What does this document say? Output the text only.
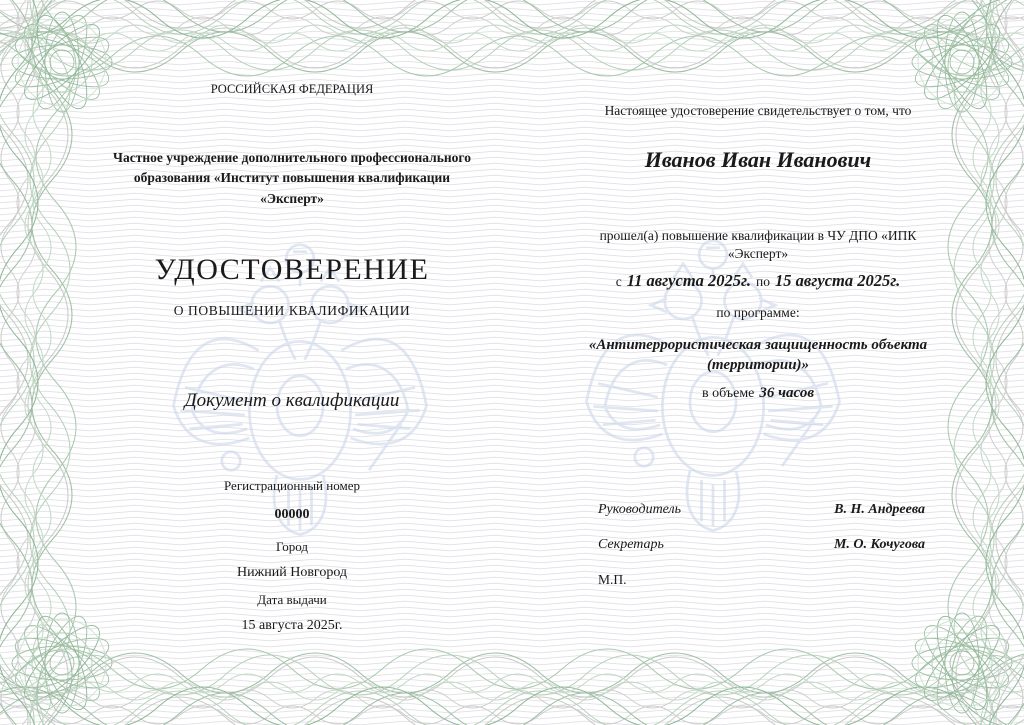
РОССИЙСКАЯ ФЕДЕРАЦИЯ
Частное учреждение дополнительного профессионального образования «Институт повышения квалификации «Эксперт»
УДОСТОВЕРЕНИЕ
О ПОВЫШЕНИИ КВАЛИФИКАЦИИ
Документ о квалификации
Регистрационный номер
00000
Город
Нижний Новгород
Дата выдачи
15 августа 2025г.
Настоящее удостоверение свидетельствует о том, что
Иванов Иван Иванович
прошел(а) повышение квалификации в ЧУ ДПО «ИПК «Эксперт»
с 11 августа 2025г. по 15 августа 2025г.
по программе:
«Антитеррористическая защищенность объекта (территории)»
в объеме 36 часов
Руководитель	В. Н. Андреева
Секретарь	М. О. Кочугова
М.П.
